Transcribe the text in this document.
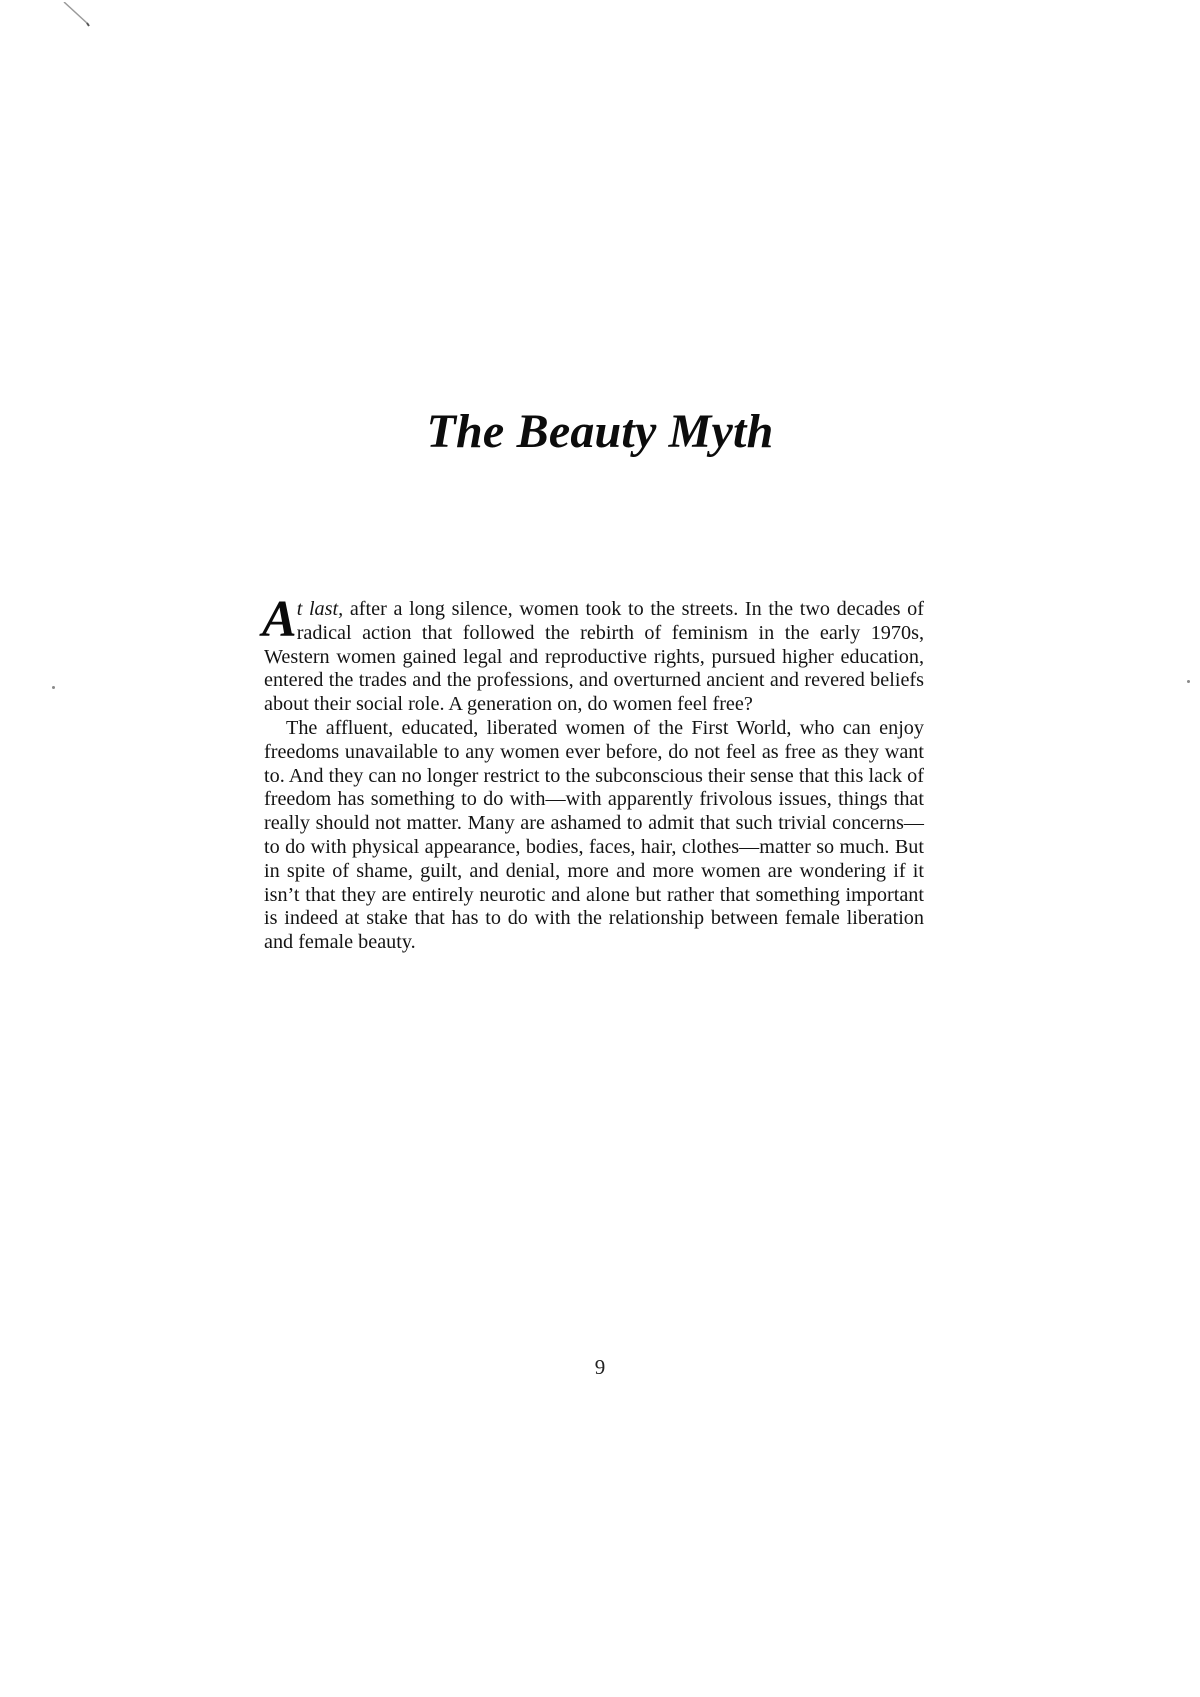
The Beauty Myth

At last, after a long silence, women took to the streets. In the two decades of radical action that followed the rebirth of feminism in the early 1970s, Western women gained legal and reproductive rights, pursued higher education, entered the trades and the professions, and overturned ancient and revered beliefs about their social role. A generation on, do women feel free?

The affluent, educated, liberated women of the First World, who can enjoy freedoms unavailable to any women ever before, do not feel as free as they want to. And they can no longer restrict to the subconscious their sense that this lack of freedom has something to do with—with apparently frivolous issues, things that really should not matter. Many are ashamed to admit that such trivial concerns—to do with physical appearance, bodies, faces, hair, clothes—matter so much. But in spite of shame, guilt, and denial, more and more women are wondering if it isn’t that they are entirely neurotic and alone but rather that something important is indeed at stake that has to do with the relationship between female liberation and female beauty.

9
